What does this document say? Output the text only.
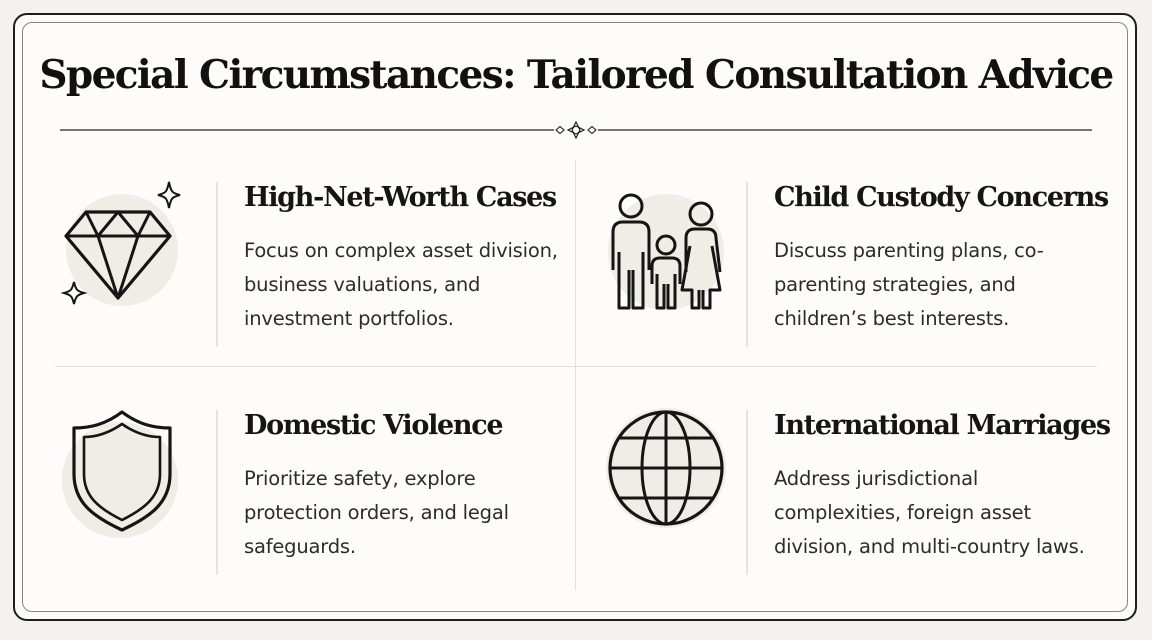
Special Circumstances: Tailored Consultation Advice
High-Net-Worth Cases

Focus on complex asset division, business valuations, and investment portfolios.

Child Custody Concerns

Discuss parenting plans, co-parenting strategies, and children’s best interests.

Domestic Violence

Prioritize safety, explore protection orders, and legal safeguards.

International Marriages

Address jurisdictional complexities, foreign asset division, and multi-country laws.
